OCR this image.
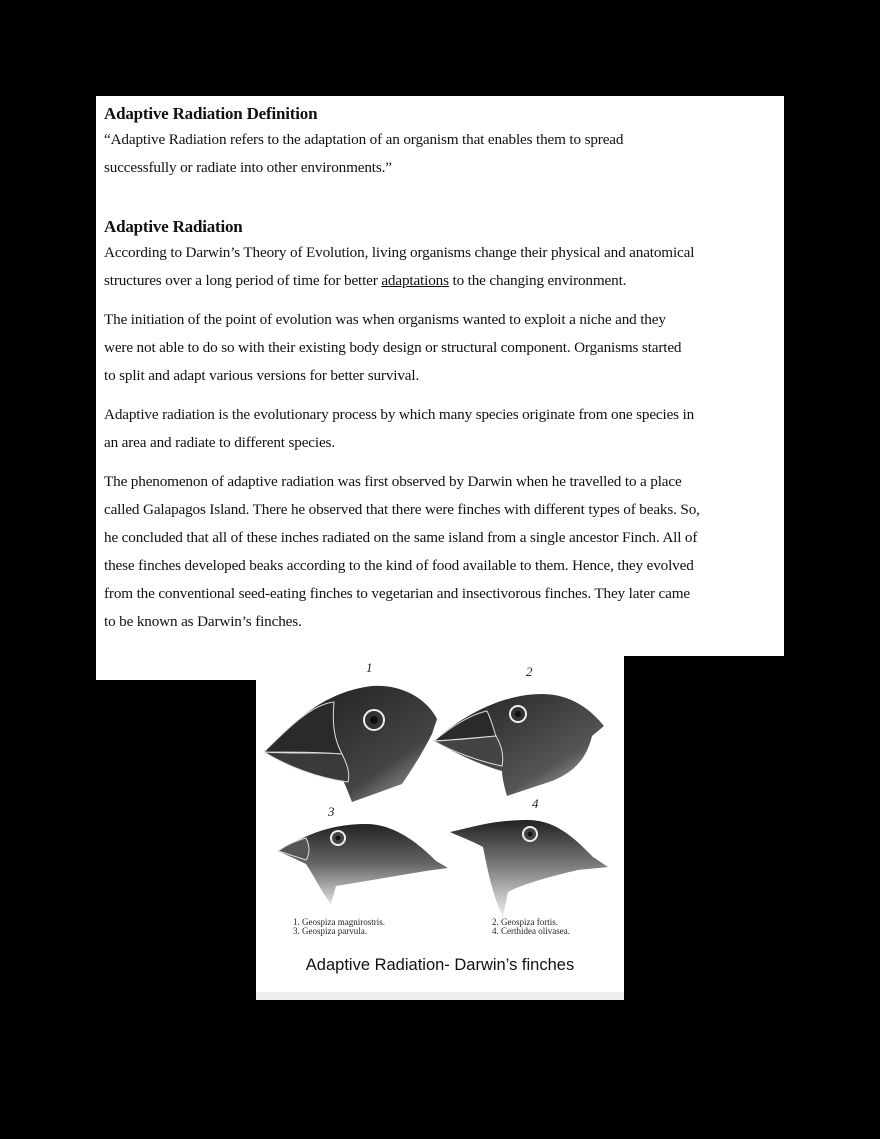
Adaptive Radiation Definition

“Adaptive Radiation refers to the adaptation of an organism that enables them to spread

successfully or radiate into other environments.”

Adaptive Radiation

According to Darwin’s Theory of Evolution, living organisms change their physical and anatomical

structures over a long period of time for better adaptations to the changing environment.

The initiation of the point of evolution was when organisms wanted to exploit a niche and they

were not able to do so with their existing body design or structural component. Organisms started

to split and adapt various versions for better survival.

Adaptive radiation is the evolutionary process by which many species originate from one species in

an area and radiate to different species.

The phenomenon of adaptive radiation was first observed by Darwin when he travelled to a place

called Galapagos Island. There he observed that there were finches with different types of beaks. So,

he concluded that all of these inches radiated on the same island from a single ancestor Finch. All of

these finches developed beaks according to the kind of food available to them. Hence, they evolved

from the conventional seed-eating finches to vegetarian and insectivorous finches. They later came

to be known as Darwin’s finches.

1	2
3
4
1. Geospiza magnirostris.
3. Geospiza parvula.
2. Geospiza fortis.
4. Certhidea olivasea.
Adaptive Radiation- Darwin’s finches
